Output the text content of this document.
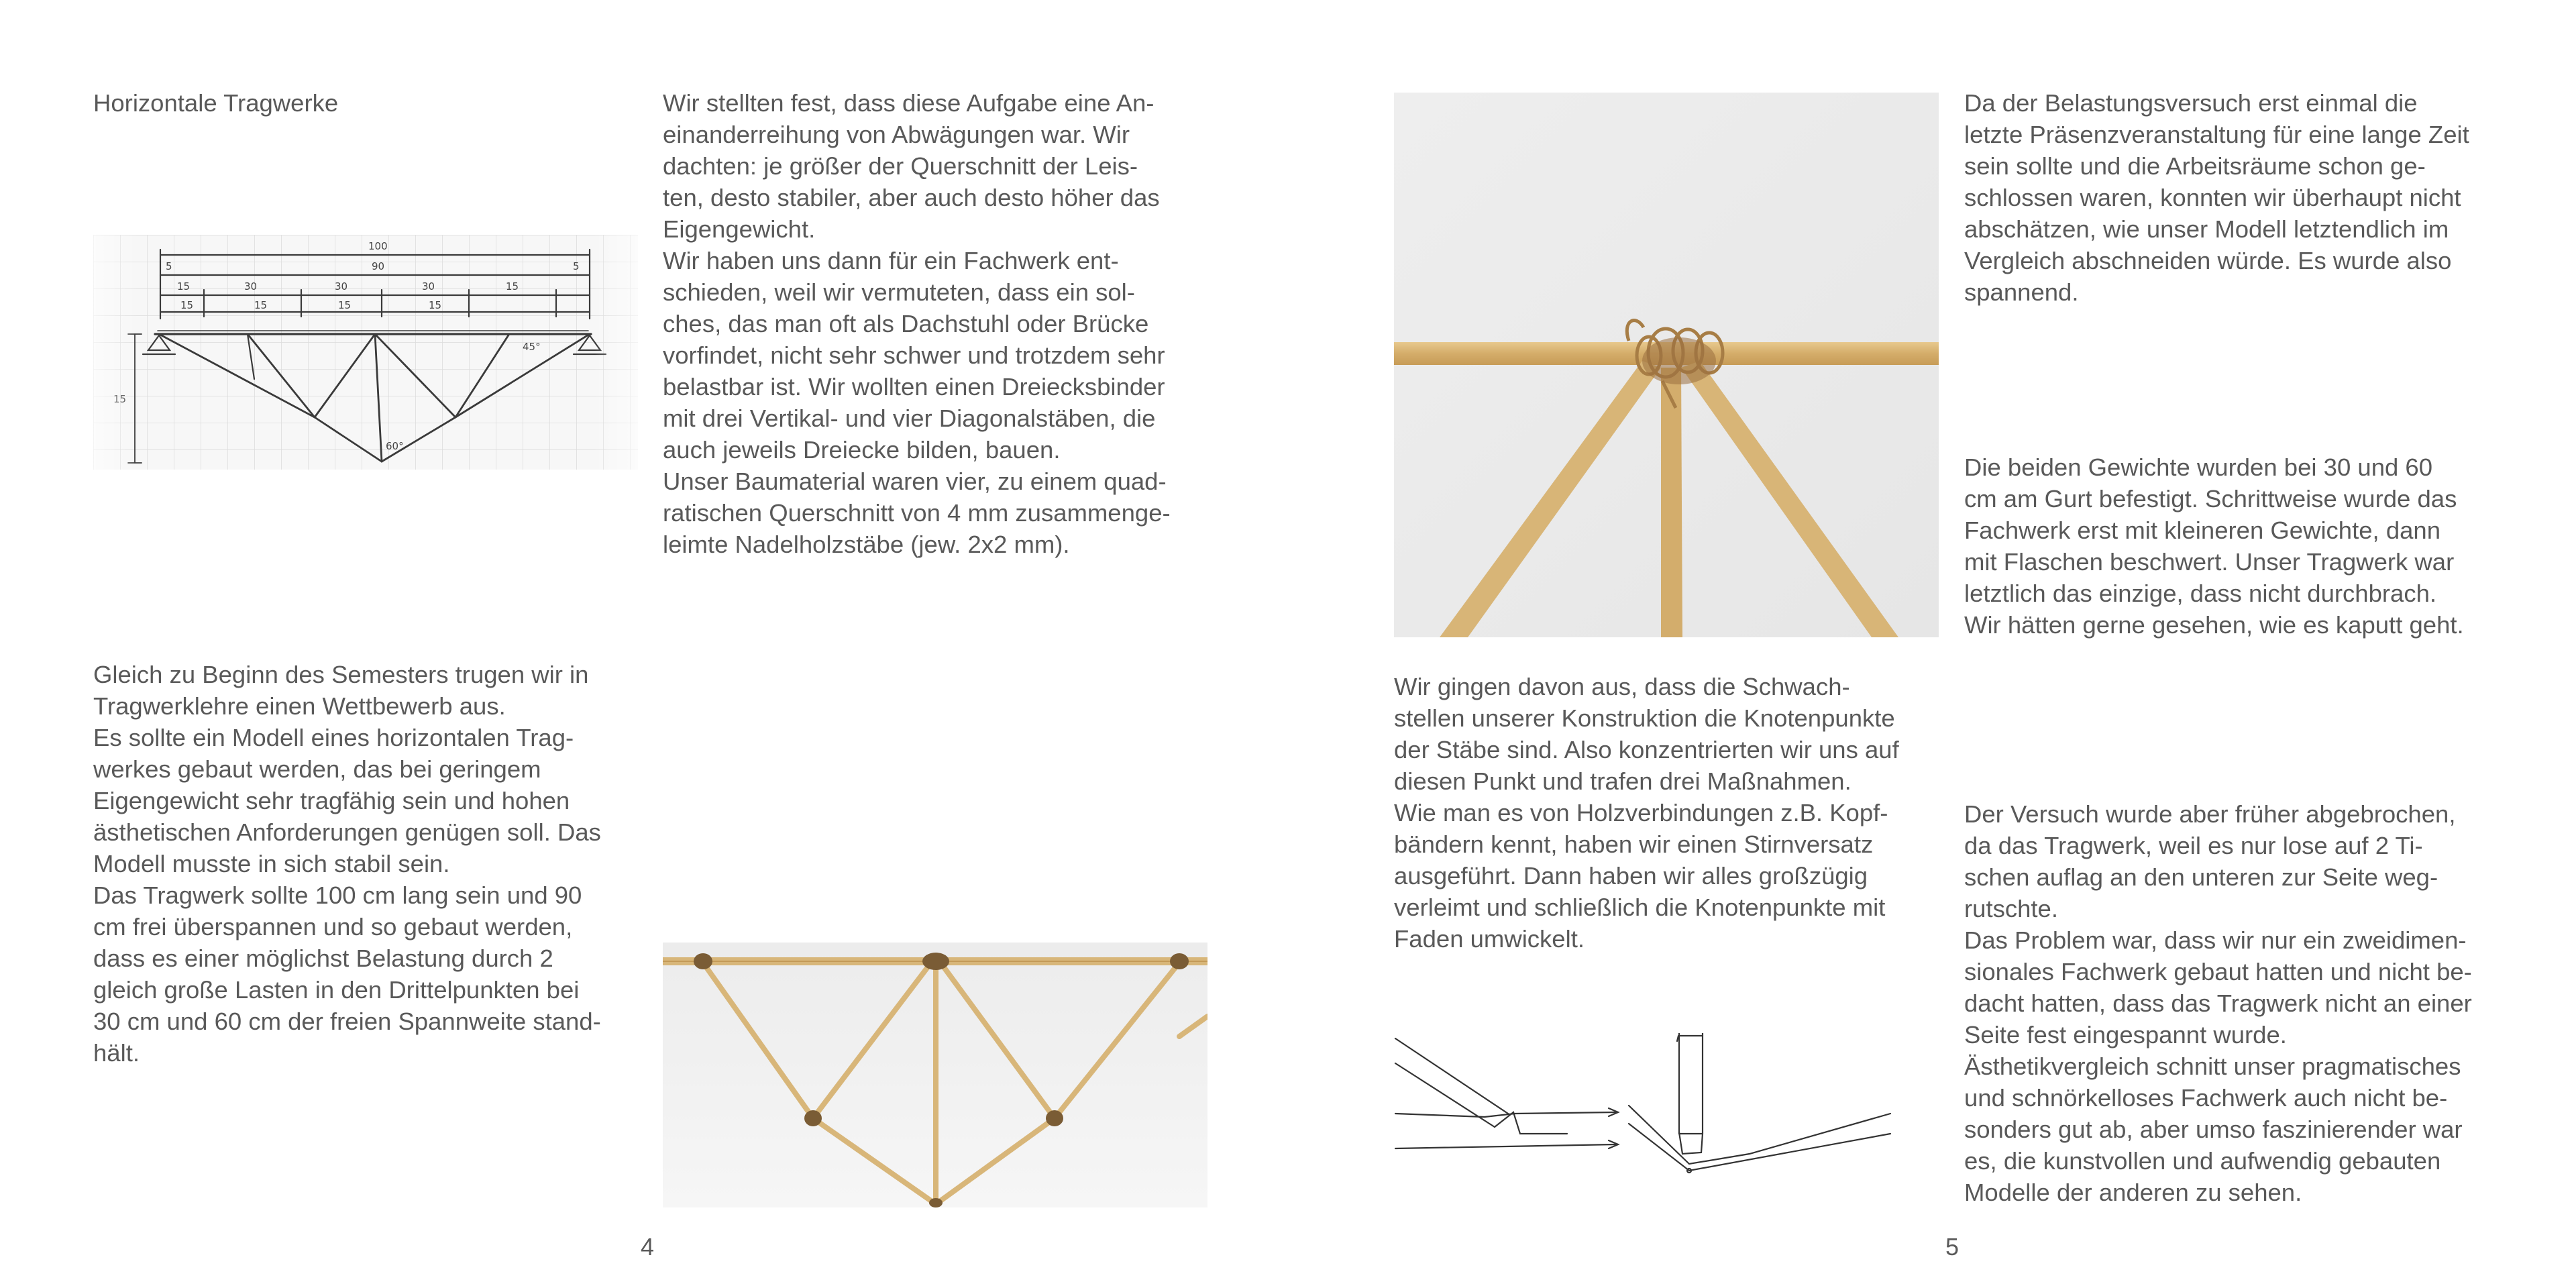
Horizontale Tragwerke	Wir stellten fest, dass diese Aufgabe eine An-

einanderreihung von Abwägungen war. Wir

dachten: je größer der Querschnitt der Leis-

ten, desto stabiler, aber auch desto höher das

Eigengewicht.

Wir haben uns dann für ein Fachwerk ent-

schieden, weil wir vermuteten, dass ein sol-

ches, das man oft als Dachstuhl oder Brücke

vorfindet, nicht sehr schwer und trotzdem sehr

belastbar ist. Wir wollten einen Dreiecksbinder

mit drei Vertikal- und vier Diagonalstäben, die

auch jeweils Dreiecke bilden, bauen.

Unser Baumaterial waren vier, zu einem quad-

ratischen Querschnitt von 4 mm zusammenge-

leimte Nadelholzstäbe (jew. 2x2 mm).

Gleich zu Beginn des Semesters trugen wir in

Tragwerklehre einen Wettbewerb aus.

Es sollte ein Modell eines horizontalen Trag-

werkes gebaut werden, das bei geringem

Eigengewicht sehr tragfähig sein und hohen

ästhetischen Anforderungen genügen soll. Das

Modell musste in sich stabil sein.

Das Tragwerk sollte 100 cm lang sein und 90

cm frei überspannen und so gebaut werden,

dass es einer möglichst Belastung durch 2

gleich große Lasten in den Drittelpunkten bei

30 cm und 60 cm der freien Spannweite stand-

hält.

4

Da der Belastungsversuch erst einmal die

letzte Präsenzveranstaltung für eine lange Zeit

sein sollte und die Arbeitsräume schon ge-

schlossen waren, konnten wir überhaupt nicht

abschätzen, wie unser Modell letztendlich im

Vergleich abschneiden würde. Es wurde also

spannend.

Die beiden Gewichte wurden bei 30 und 60

cm am Gurt befestigt. Schrittweise wurde das

Fachwerk erst mit kleineren Gewichte, dann

mit Flaschen beschwert. Unser Tragwerk war

letztlich das einzige, dass nicht durchbrach.

Wir hätten gerne gesehen, wie es kaputt geht.

Wir gingen davon aus, dass die Schwach-

stellen unserer Konstruktion die Knotenpunkte

der Stäbe sind. Also konzentrierten wir uns auf

diesen Punkt und trafen drei Maßnahmen.

Wie man es von Holzverbindungen z.B. Kopf-

bändern kennt, haben wir einen Stirnversatz

ausgeführt. Dann haben wir alles großzügig

verleimt und schließlich die Knotenpunkte mit

Faden umwickelt.

Der Versuch wurde aber früher abgebrochen,

da das Tragwerk, weil es nur lose auf 2 Ti-

schen auflag an den unteren zur Seite weg-

rutschte.

Das Problem war, dass wir nur ein zweidimen-

sionales Fachwerk gebaut hatten und nicht be-

dacht hatten, dass das Tragwerk nicht an einer

Seite fest eingespannt wurde.

Ästhetikvergleich schnitt unser pragmatisches

und schnörkelloses Fachwerk auch nicht be-

sonders gut ab, aber umso faszinierender war

es, die kunstvollen und aufwendig gebauten

Modelle der anderen zu sehen.

5
